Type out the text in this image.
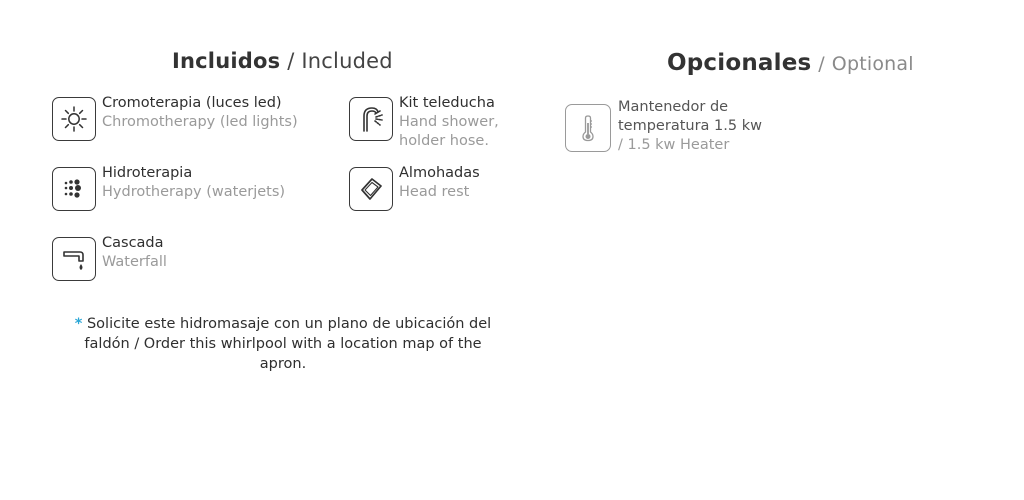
Incluidos / Included	Opcionales / Optional
Cromoterapia (luces led)
Chromotherapy (led lights)
Kit teleducha
Hand shower,
holder hose.
Hidroterapia
Hydrotherapy (waterjets)
Almohadas
Head rest
Cascada
Waterfall
Mantenedor de
temperatura 1.5 kw
/ 1.5 kw Heater
* Solicite este hidromasaje con un plano de ubicación del
faldón / Order this whirlpool with a location map of the
apron.
